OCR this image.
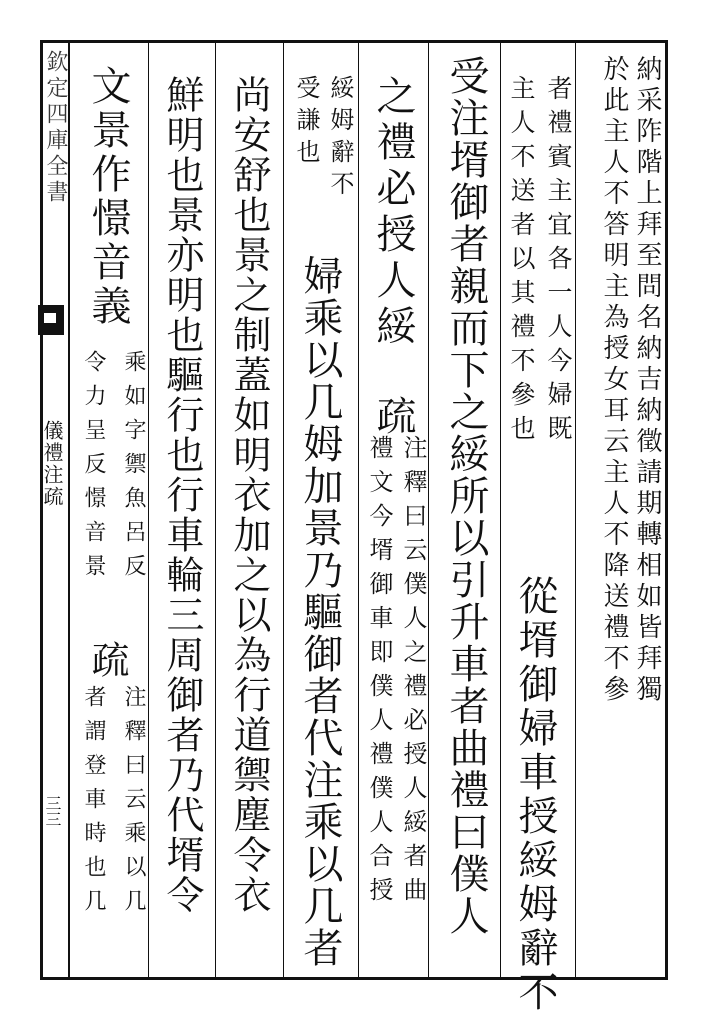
欽定四庫全書
儀禮注疏
三三
納采阼階上拜至問名納吉納徵請期轉相如皆拜獨
於此主人不答明主為授女耳云主人不降送禮不參
者禮賓主宜各一人今婦既
主人不送者以其禮不參也
從壻御婦車授綏姆辭不
受注壻御者親而下之綏所以引升車者曲禮曰僕人
之禮必授人綏
疏
注釋曰云僕人之禮必授人綏者曲
禮文今壻御車即僕人禮僕人合授
綏姆辭不
受謙也
婦乘以几姆加景乃驅御者代注乘以几者
尚安舒也景之制蓋如明衣加之以為行道禦塵令衣
鮮明也景亦明也驅行也行車輪三周御者乃代壻令
文景作憬音義
乘如字禦魚呂反
令力呈反憬音景
疏
注釋曰云乘以几
者謂登車時也几
